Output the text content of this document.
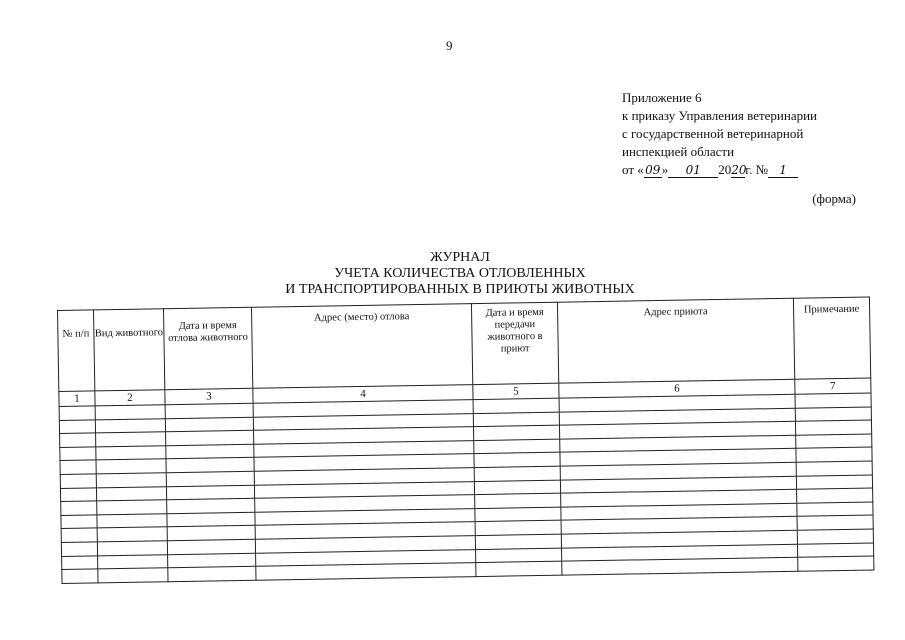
9
Приложение 6
к приказу Управления ветеринарии
с государственной ветеринарной
инспекцией области
от «09» 01 2020г. № 1
(форма)
ЖУРНАЛ
УЧЕТА КОЛИЧЕСТВА ОТЛОВЛЕННЫХ
И ТРАНСПОРТИРОВАННЫХ В ПРИЮТЫ ЖИВОТНЫХ
№ п/п	Вид животного	Дата и время отлова животного	Адрес (место) отлова	Дата и время передачи животного в приют	Адрес приюта	Примечание
1	2	3	4	5	6	7
